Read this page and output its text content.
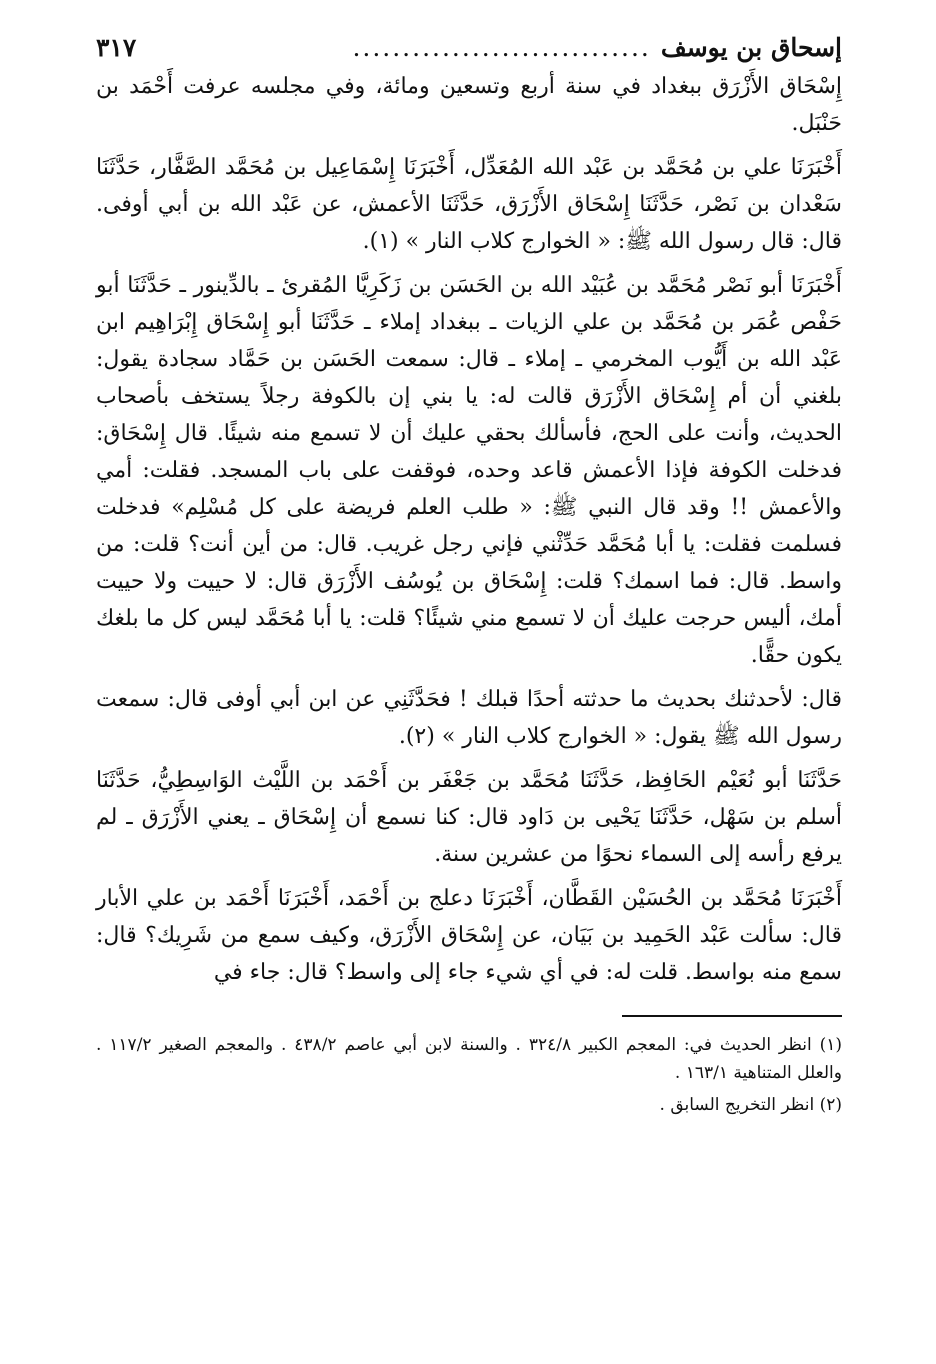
إسحاق بن يوسف
..............................
٣١٧

إِسْحَاق الأَزْرَق ببغداد في سنة أربع وتسعين ومائة، وفي مجلسه عرفت أَحْمَد بن حَنْبَل.

أَخْبَرَنَا علي بن مُحَمَّد بن عَبْد الله المُعَدِّل، أَخْبَرَنَا إِسْمَاعِيل بن مُحَمَّد الصَّفَّار، حَدَّثَنَا سَعْدان بن نَصْر، حَدَّثَنَا إِسْحَاق الأَزْرَق، حَدَّثَنَا الأعمش، عن عَبْد الله بن أبي أوفى. قال: قال رسول الله ﷺ: « الخوارج كلاب النار » (١).

أَخْبَرَنَا أبو نَصْر مُحَمَّد بن عُبَيْد الله بن الحَسَن بن زَكَرِيَّا المُقرئ ـ بالدِّينور ـ حَدَّثَنَا أبو حَفْص عُمَر بن مُحَمَّد بن علي الزيات ـ ببغداد إملاء ـ حَدَّثَنَا أبو إِسْحَاق إِبْرَاهِيم ابن عَبْد الله بن أَيُّوب المخرمي ـ إملاء ـ قال: سمعت الحَسَن بن حَمَّاد سجادة يقول: بلغني أن أم إِسْحَاق الأَزْرَق قالت له: يا بني إن بالكوفة رجلاً يستخف بأصحاب الحديث، وأنت على الحج، فأسألك بحقي عليك أن لا تسمع منه شيئًا. قال إِسْحَاق: فدخلت الكوفة فإذا الأعمش قاعد وحده، فوقفت على باب المسجد. فقلت: أمي والأعمش !! وقد قال النبي ﷺ: « طلب العلم فريضة على كل مُسْلِم» فدخلت فسلمت فقلت: يا أبا مُحَمَّد حَدِّثْني فإني رجل غريب. قال: من أين أنت؟ قلت: من واسط. قال: فما اسمك؟ قلت: إِسْحَاق بن يُوسُف الأَزْرَق قال: لا حييت ولا حييت أمك، أليس حرجت عليك أن لا تسمع مني شيئًا؟ قلت: يا أبا مُحَمَّد ليس كل ما بلغك يكون حقًّا.

قال: لأحدثنك بحديث ما حدثته أحدًا قبلك ! فحَدَّثَنِي عن ابن أبي أوفى قال: سمعت رسول الله ﷺ يقول: « الخوارج كلاب النار » (٢).

حَدَّثَنَا أبو نُعَيْم الحَافِظ، حَدَّثَنَا مُحَمَّد بن جَعْفَر بن أَحْمَد بن اللَّيْث الوَاسِطِيُّ، حَدَّثَنَا أسلم بن سَهْل، حَدَّثَنَا يَحْيى بن دَاود قال: كنا نسمع أن إِسْحَاق ـ يعني الأَزْرَق ـ لم يرفع رأسه إلى السماء نحوًا من عشرين سنة.

أَخْبَرَنَا مُحَمَّد بن الحُسَيْن القَطَّان، أَخْبَرَنَا دعلج بن أَحْمَد، أَخْبَرَنَا أَحْمَد بن علي الأبار قال: سألت عَبْد الحَمِيد بن بَيَان، عن إِسْحَاق الأَزْرَق، وكيف سمع من شَرِيك؟ قال: سمع منه بواسط. قلت له: في أي شيء جاء إلى واسط؟ قال: جاء في

(١) انظر الحديث في: المعجم الكبير ٣٢٤/٨ . والسنة لابن أبي عاصم ٤٣٨/٢ . والمعجم الصغير ١١٧/٢ . والعلل المتناهية ١٦٣/١ .

(٢) انظر التخريج السابق .
